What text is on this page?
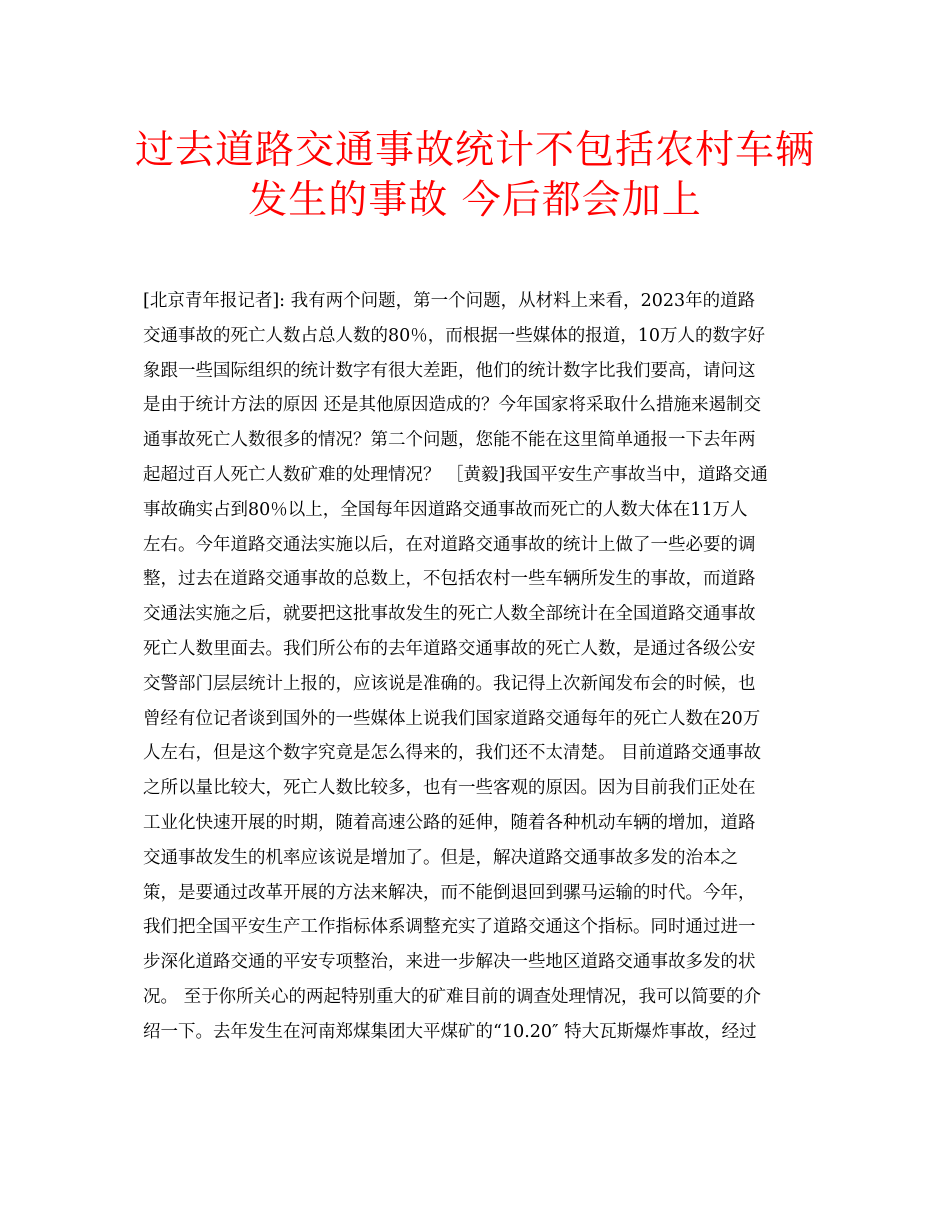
过去道路交通事故统计不包括农村车辆
发生的事故 今后都会加上
[北京青年报记者]: 我有两个问题，第一个问题，从材料上来看，2023年的道路
交通事故的死亡人数占总人数的80％，而根据一些媒体的报道，10万人的数字好
象跟一些国际组织的统计数字有很大差距，他们的统计数字比我们要高，请问这
是由于统计方法的原因 还是其他原因造成的？今年国家将采取什么措施来遏制交
通事故死亡人数很多的情况？第二个问题，您能不能在这里简单通报一下去年两
起超过百人死亡人数矿难的处理情况？ ［黄毅]我国平安生产事故当中，道路交通
事故确实占到80％以上，全国每年因道路交通事故而死亡的人数大体在11万人
左右。今年道路交通法实施以后，在对道路交通事故的统计上做了一些必要的调
整，过去在道路交通事故的总数上，不包括农村一些车辆所发生的事故，而道路
交通法实施之后，就要把这批事故发生的死亡人数全部统计在全国道路交通事故
死亡人数里面去。我们所公布的去年道路交通事故的死亡人数，是通过各级公安
交警部门层层统计上报的，应该说是准确的。我记得上次新闻发布会的时候，也
曾经有位记者谈到国外的一些媒体上说我们国家道路交通每年的死亡人数在20万
人左右，但是这个数字究竟是怎么得来的，我们还不太清楚。 目前道路交通事故
之所以量比较大，死亡人数比较多，也有一些客观的原因。因为目前我们正处在
工业化快速开展的时期，随着高速公路的延伸，随着各种机动车辆的增加，道路
交通事故发生的机率应该说是增加了。但是，解决道路交通事故多发的治本之
策，是要通过改革开展的方法来解决，而不能倒退回到骡马运输的时代。今年，
我们把全国平安生产工作指标体系调整充实了道路交通这个指标。同时通过进一
步深化道路交通的平安专项整治，来进一步解决一些地区道路交通事故多发的状
况。 至于你所关心的两起特别重大的矿难目前的调查处理情况，我可以简要的介
绍一下。去年发生在河南郑煤集团大平煤矿的“10.20″ 特大瓦斯爆炸事故，经过
